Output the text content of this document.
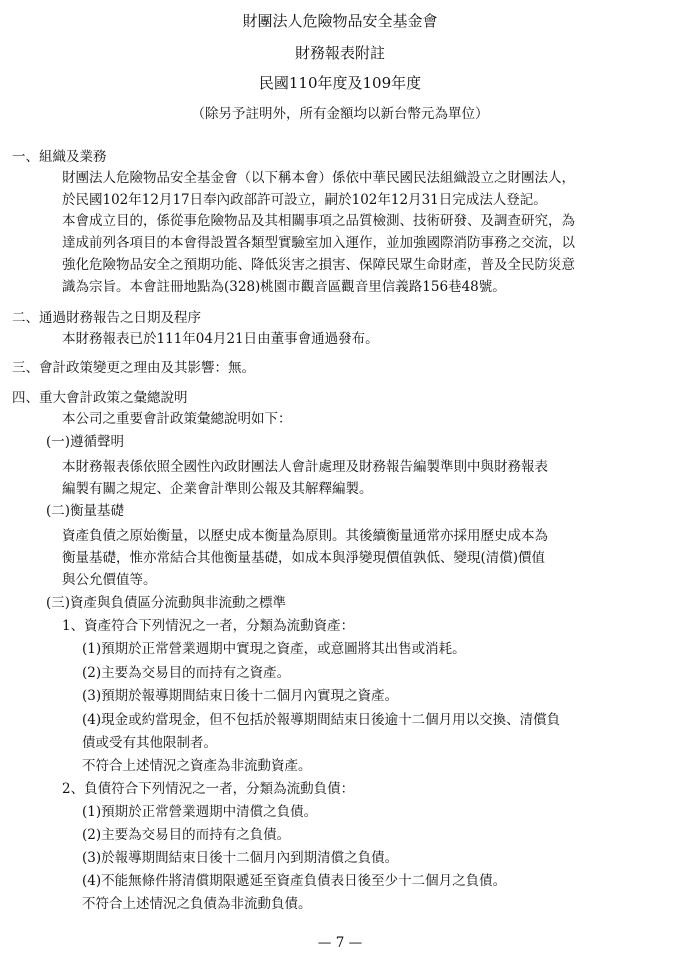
財團法人危險物品安全基金會
財務報表附註
民國110年度及109年度
（除另予註明外，所有金額均以新台幣元為單位）
一、組織及業務
財團法人危險物品安全基金會（以下稱本會）係依中華民國民法組織設立之財團法人，
於民國102年12月17日奉內政部許可設立，嗣於102年12月31日完成法人登記。
本會成立目的，係從事危險物品及其相關事項之品質檢測、技術研發、及調查研究，為
達成前列各項目的本會得設置各類型實驗室加入運作，並加強國際消防事務之交流，以
強化危險物品安全之預期功能、降低災害之損害、保障民眾生命財產，普及全民防災意
識為宗旨。本會註冊地點為(328)桃園市觀音區觀音里信義路156巷48號。
二、通過財務報告之日期及程序
本財務報表已於111年04月21日由董事會通過發布。
三、會計政策變更之理由及其影響：無。
四、重大會計政策之彙總說明
本公司之重要會計政策彙總說明如下：
(一)遵循聲明
本財務報表係依照全國性內政財團法人會計處理及財務報告編製準則中與財務報表
編製有關之規定、企業會計準則公報及其解釋編製。
(二)衡量基礎
資產負債之原始衡量，以歷史成本衡量為原則。其後續衡量通常亦採用歷史成本為
衡量基礎，惟亦常結合其他衡量基礎，如成本與淨變現價值孰低、變現(清償)價值
與公允價值等。
(三)資產與負債區分流動與非流動之標準
1、資產符合下列情況之一者，分類為流動資產：
(1)預期於正常營業週期中實現之資產，或意圖將其出售或消耗。
(2)主要為交易目的而持有之資產。
(3)預期於報導期間結束日後十二個月內實現之資產。
(4)現金或約當現金，但不包括於報導期間結束日後逾十二個月用以交換、清償負
債或受有其他限制者。
不符合上述情況之資產為非流動資產。
2、負債符合下列情況之一者，分類為流動負債：
(1)預期於正常營業週期中清償之負債。
(2)主要為交易目的而持有之負債。
(3)於報導期間結束日後十二個月內到期清償之負債。
(4)不能無條件將清償期限遞延至資產負債表日後至少十二個月之負債。
不符合上述情況之負債為非流動負債。
— 7 —
